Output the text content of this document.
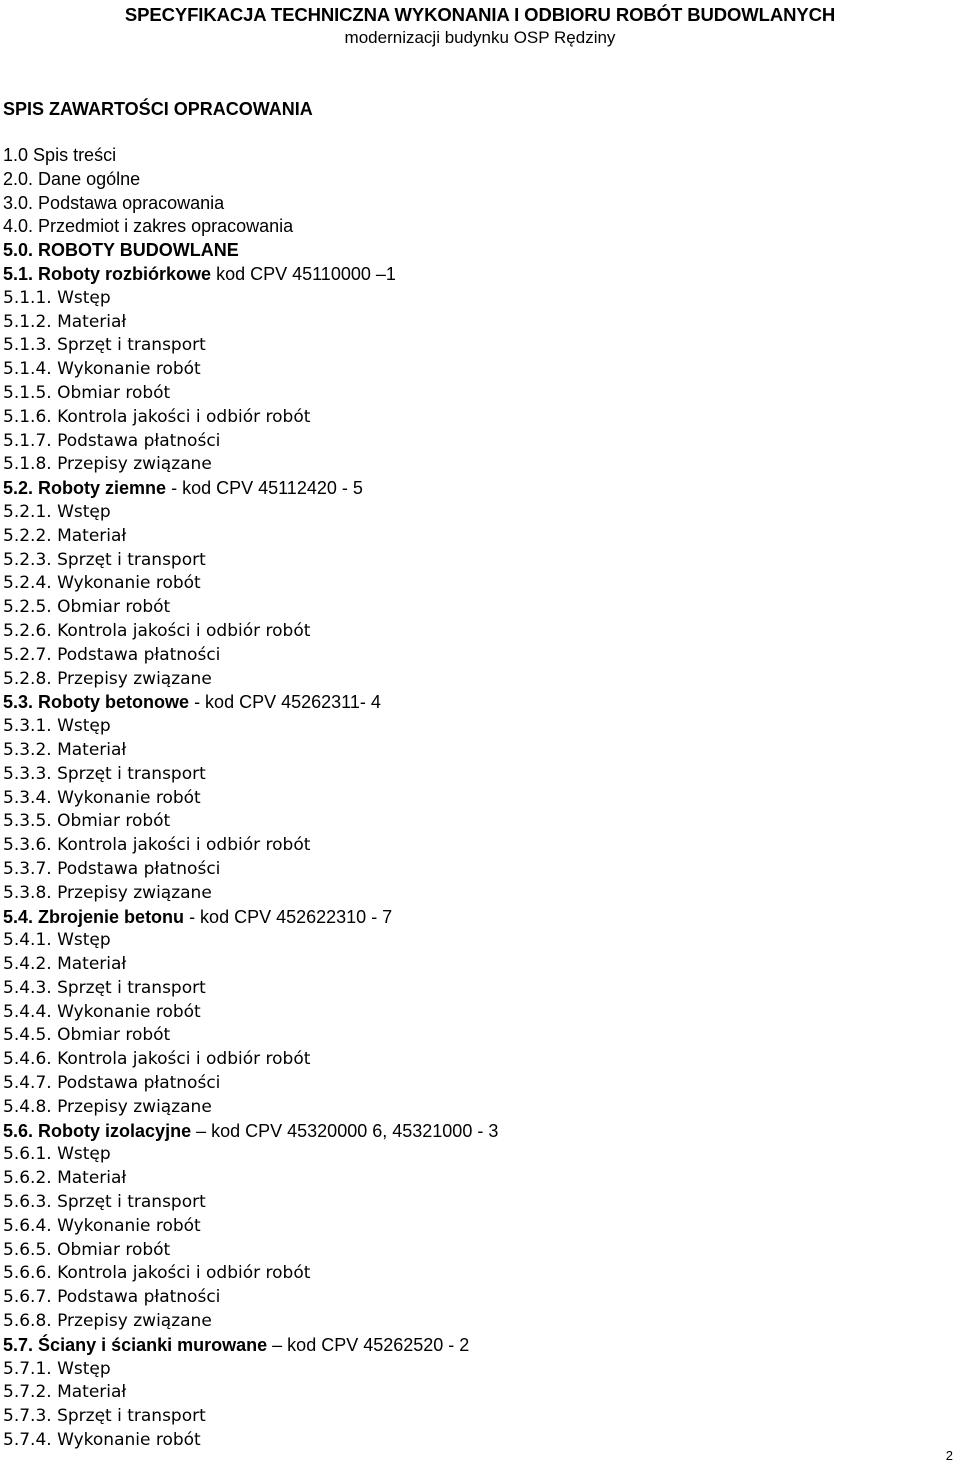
SPECYFIKACJA TECHNICZNA WYKONANIA I ODBIORU ROBÓT BUDOWLANYCH
modernizacji budynku OSP Rędziny
SPIS ZAWARTOŚCI OPRACOWANIA
1.0 Spis treści
2.0. Dane ogólne
3.0. Podstawa opracowania
4.0. Przedmiot i zakres opracowania
5.0. ROBOTY BUDOWLANE
5.1. Roboty rozbiórkowe kod CPV 45110000 –1
5.1.1. Wstęp
5.1.2. Materiał
5.1.3. Sprzęt i transport
5.1.4. Wykonanie robót
5.1.5. Obmiar robót
5.1.6. Kontrola jakości i odbiór robót
5.1.7. Podstawa płatności
5.1.8. Przepisy związane
5.2. Roboty ziemne - kod CPV 45112420 - 5
5.2.1. Wstęp
5.2.2. Materiał
5.2.3. Sprzęt i transport
5.2.4. Wykonanie robót
5.2.5. Obmiar robót
5.2.6. Kontrola jakości i odbiór robót
5.2.7. Podstawa płatności
5.2.8. Przepisy związane
5.3. Roboty betonowe - kod CPV 45262311- 4
5.3.1. Wstęp
5.3.2. Materiał
5.3.3. Sprzęt i transport
5.3.4. Wykonanie robót
5.3.5. Obmiar robót
5.3.6. Kontrola jakości i odbiór robót
5.3.7. Podstawa płatności
5.3.8. Przepisy związane
5.4. Zbrojenie betonu - kod CPV 452622310 - 7
5.4.1. Wstęp
5.4.2. Materiał
5.4.3. Sprzęt i transport
5.4.4. Wykonanie robót
5.4.5. Obmiar robót
5.4.6. Kontrola jakości i odbiór robót
5.4.7. Podstawa płatności
5.4.8. Przepisy związane
5.6. Roboty izolacyjne – kod CPV 45320000 6, 45321000 - 3
5.6.1. Wstęp
5.6.2. Materiał
5.6.3. Sprzęt i transport
5.6.4. Wykonanie robót
5.6.5. Obmiar robót
5.6.6. Kontrola jakości i odbiór robót
5.6.7. Podstawa płatności
5.6.8. Przepisy związane
5.7. Ściany i ścianki murowane – kod CPV 45262520 - 2
5.7.1. Wstęp
5.7.2. Materiał
5.7.3. Sprzęt i transport
5.7.4. Wykonanie robót
2
